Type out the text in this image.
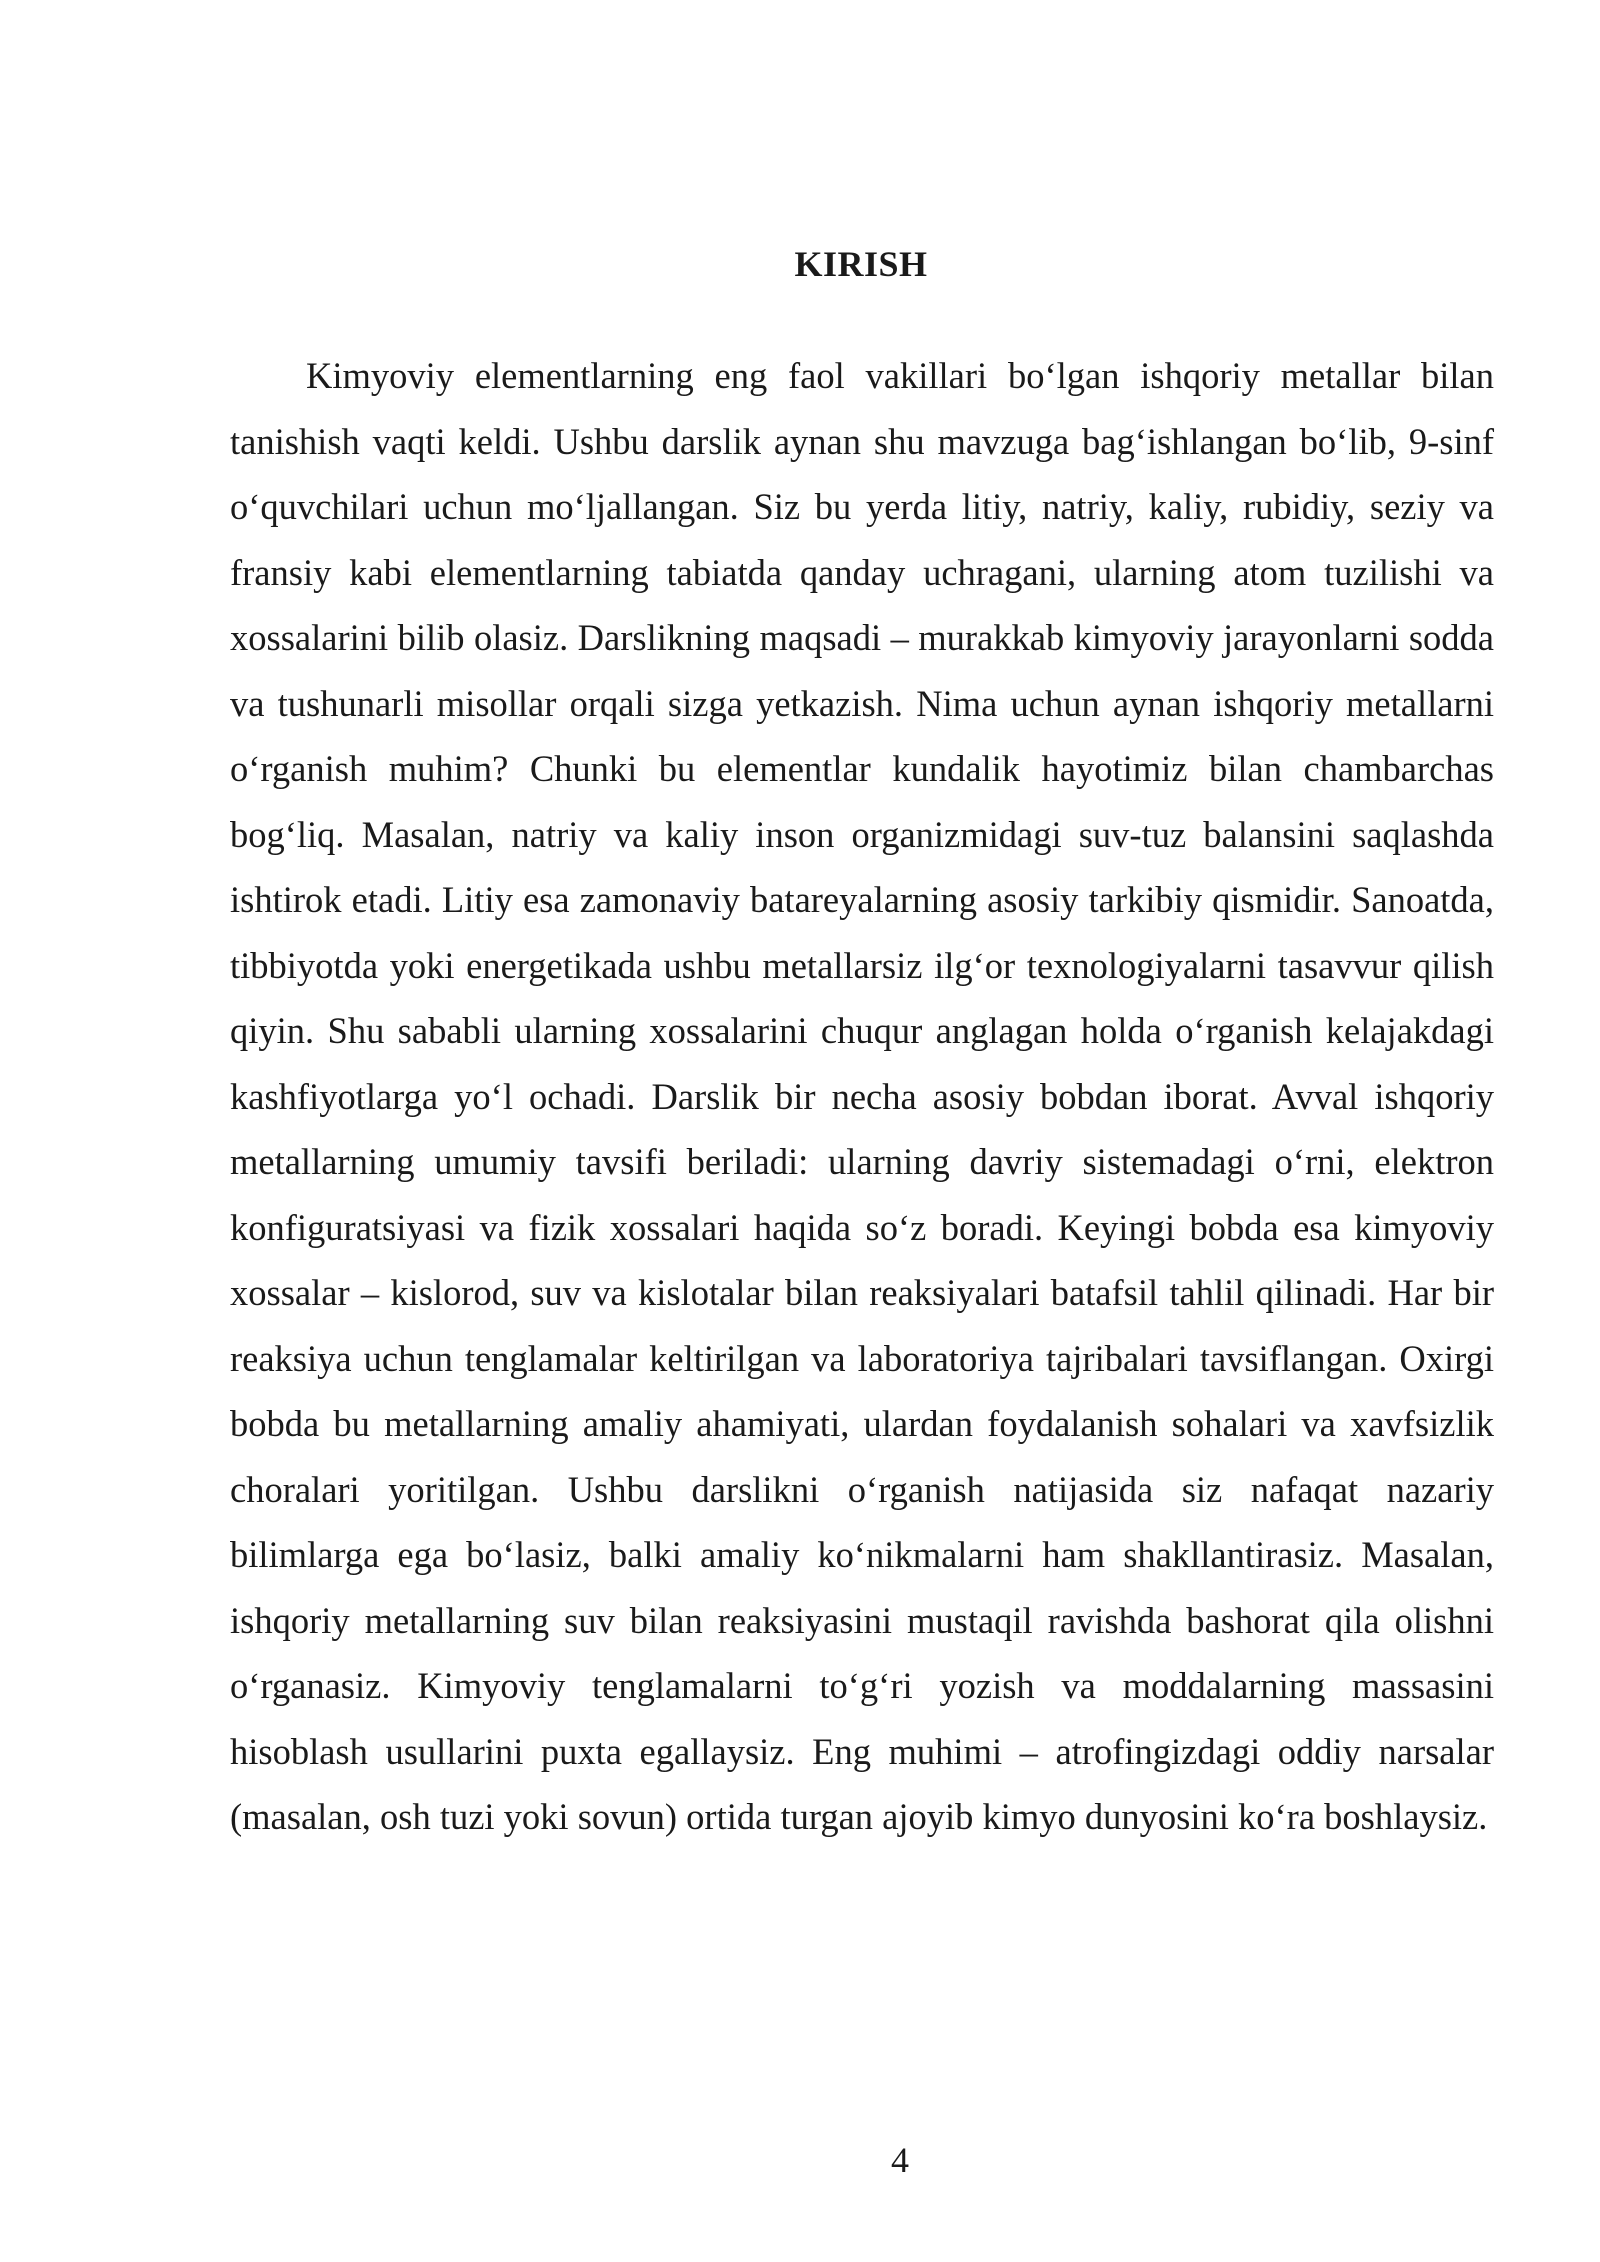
KIRISH

Kimyoviy elementlarning eng faol vakillari bo‘lgan ishqoriy metallar bilan tanishish vaqti keldi. Ushbu darslik aynan shu mavzuga bag‘ishlangan bo‘lib, 9-sinf o‘quvchilari uchun mo‘ljallangan. Siz bu yerda litiy, natriy, kaliy, rubidiy, seziy va fransiy kabi elementlarning tabiatda qanday uchragani, ularning atom tuzilishi va xossalarini bilib olasiz. Darslikning maqsadi – murakkab kimyoviy jarayonlarni sodda va tushunarli misollar orqali sizga yetkazish. Nima uchun aynan ishqoriy metallarni o‘rganish muhim? Chunki bu elementlar kundalik hayotimiz bilan chambarchas bog‘liq. Masalan, natriy va kaliy inson organizmidagi suv-tuz balansini saqlashda ishtirok etadi. Litiy esa zamonaviy batareyalarning asosiy tarkibiy qismidir. Sanoatda, tibbiyotda yoki energetikada ushbu metallarsiz ilg‘or texnologiyalarni tasavvur qilish qiyin. Shu sababli ularning xossalarini chuqur anglagan holda o‘rganish kelajakdagi kashfiyotlarga yo‘l ochadi. Darslik bir necha asosiy bobdan iborat. Avval ishqoriy metallarning umumiy tavsifi beriladi: ularning davriy sistemadagi o‘rni, elektron konfiguratsiyasi va fizik xossalari haqida so‘z boradi. Keyingi bobda esa kimyoviy xossalar – kislorod, suv va kislotalar bilan reaksiyalari batafsil tahlil qilinadi. Har bir reaksiya uchun tenglamalar keltirilgan va laboratoriya tajribalari tavsiflangan. Oxirgi bobda bu metallarning amaliy ahamiyati, ulardan foydalanish sohalari va xavfsizlik choralari yoritilgan. Ushbu darslikni o‘rganish natijasida siz nafaqat nazariy bilimlarga ega bo‘lasiz, balki amaliy ko‘nikmalarni ham shakllantirasiz. Masalan, ishqoriy metallarning suv bilan reaksiyasini mustaqil ravishda bashorat qila olishni o‘rganasiz. Kimyoviy tenglamalarni to‘g‘ri yozish va moddalarning massasini hisoblash usullarini puxta egallaysiz. Eng muhimi – atrofingizdagi oddiy narsalar (masalan, osh tuzi yoki sovun) ortida turgan ajoyib kimyo dunyosini ko‘ra boshlaysiz.

4
